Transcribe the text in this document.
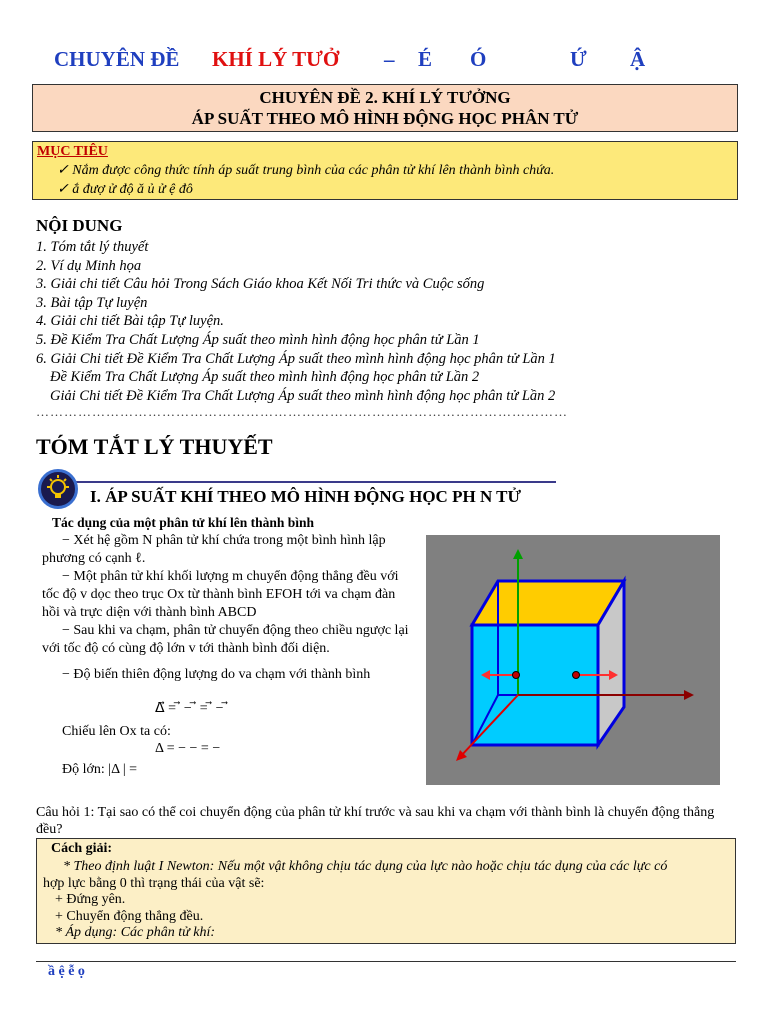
CHUYÊN ĐỀ KHÍ LÝ TƯỞ – É Ó	Ứ Ậ
CHUYÊN ĐỀ 2. KHÍ LÝ TƯỞNG
ÁP SUẤT THEO MÔ HÌNH ĐỘNG HỌC PHÂN TỬ
MỤC TIÊU
✓ Nắm được công thức tính áp suất trung bình của các phân tử khí lên thành bình chứa.
✓ ắ đượ ử độ ă ủ ử ệ đô
NỘI DUNG
1. Tóm tắt lý thuyết
2. Ví dụ Minh họa
3. Giải chi tiết Câu hỏi Trong Sách Giáo khoa Kết Nối Tri thức và Cuộc sống
3. Bài tập Tự luyện
4. Giải chi tiết Bài tập Tự luyện.
5. Đề Kiểm Tra Chất Lượng Áp suất theo mình hình động học phân tử Lần 1
6. Giải Chi tiết Đề Kiểm Tra Chất Lượng Áp suất theo mình hình động học phân tử Lần 1
Đề Kiểm Tra Chất Lượng Áp suất theo mình hình động học phân tử Lần 2
Giải Chi tiết Đề Kiểm Tra Chất Lượng Áp suất theo mình hình động học phân tử Lần 2
……………………………………………………………………………………………………
TÓM TẮT LÝ THUYẾT
I. ÁP SUẤT KHÍ THEO MÔ HÌNH ĐỘNG HỌC PH N TỬ
Tác dụng của một phân tử khí lên thành bình
− Xét hệ gồm N phân tử khí chứa trong một bình hình lập phương có cạnh ℓ.
− Một phân tử khí khối lượng m chuyển động thẳng đều với tốc độ v dọc theo trục Ox từ thành bình EFOH tới va chạm đàn hồi và trực diện với thành bình ABCD
− Sau khi va chạm, phân tử chuyển động theo chiều ngược lại với tốc độ có cùng độ lớn v tới thành bình đối diện.
− Độ biến thiên động lượng do va chạm với thành bình
Δ⃗ = ⃗ − ⃗ = ⃗ − ⃗
Chiếu lên Ox ta có:
Δ = − − = −
Độ lớn: |Δ | =
Câu hỏi 1: Tại sao có thể coi chuyển động của phân tử khí trước và sau khi va chạm với thành bình là chuyển động thẳng đều?
Cách giải:
* Theo định luật I Newton: Nếu một vật không chịu tác dụng của lực nào hoặc chịu tác dụng của các lực có
hợp lực bằng 0 thì trạng thái của vật sẽ:
+ Đứng yên.
+ Chuyển động thẳng đều.
* Áp dụng: Các phân tử khí:
ầ ệ ễ ọ
